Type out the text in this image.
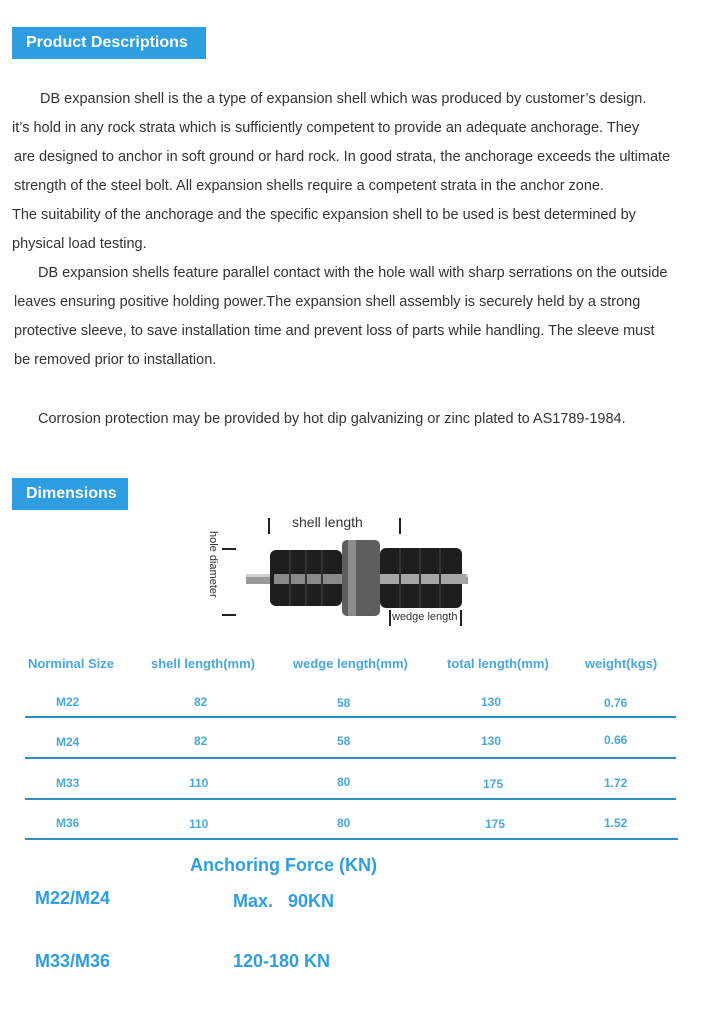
Product Descriptions
DB expansion shell is the a type of expansion shell which was produced by customer’s design.
it’s hold in any rock strata which is sufficiently competent to provide an adequate anchorage. They
are designed to anchor in soft ground or hard rock. In good strata, the anchorage exceeds the ultimate
strength of the steel bolt. All expansion shells require a competent strata in the anchor zone.
The suitability of the anchorage and the specific expansion shell to be used is best determined by
physical load testing.
DB expansion shells feature parallel contact with the hole wall with sharp serrations on the outside
leaves ensuring positive holding power.The expansion shell assembly is securely held by a strong
protective sleeve, to save installation time and prevent loss of parts while handling. The sleeve must
be removed prior to installation.
Corrosion protection may be provided by hot dip galvanizing or zinc plated to AS1789-1984.
Dimensions
shell length
hole diameter
wedge length
Norminal Size	shell length(mm)	wedge length(mm)	total length(mm)	weight(kgs)
M22	82	58	130	0.76
M24	82	58	130	0.66
M33	110	80	175	1.72
M36	110	80	175	1.52
Anchoring Force (KN)
M22/M24	Max.   90KN
M33/M36	120-180 KN
